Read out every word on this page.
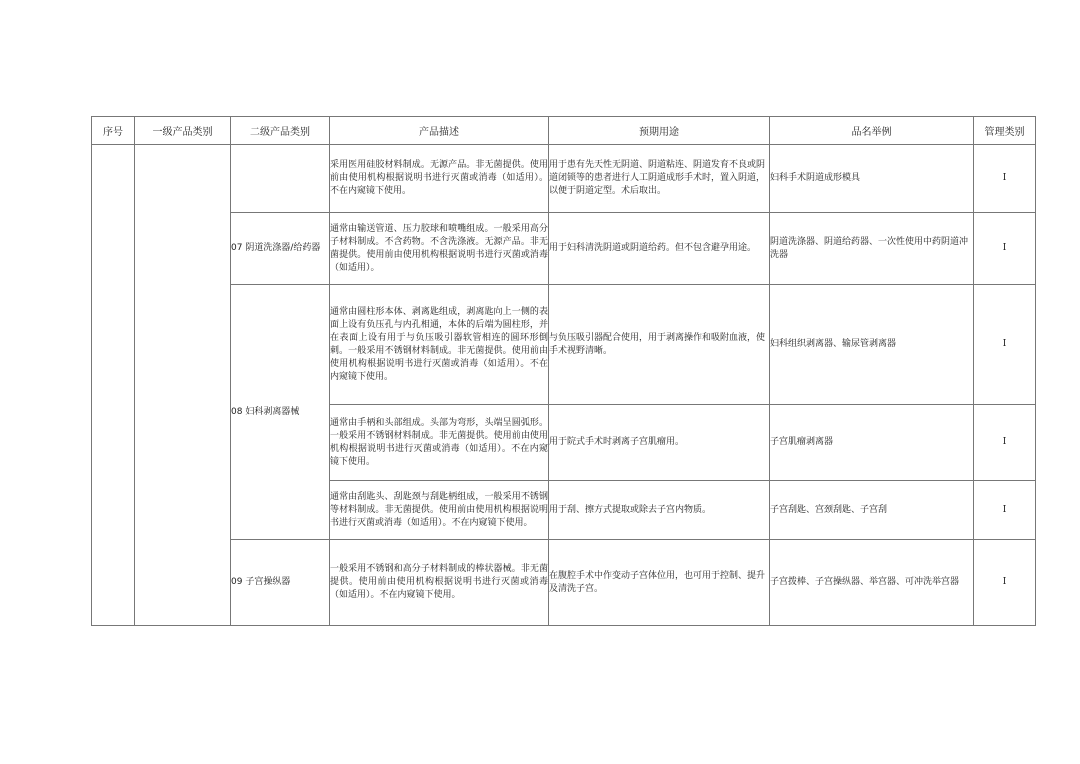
序号	一级产品类别	二级产品类别	产品描述	预期用途	品名举例	管理类别
			采用医用硅胶材料制成。无源产品。非无菌提供。使用前由使用机构根据说明书进行灭菌或消毒（如适用）。不在内窥镜下使用。	用于患有先天性无阴道、阴道粘连、阴道发育不良或阴道闭锁等的患者进行人工阴道成形手术时，置入阴道，以便于阴道定型。术后取出。	妇科手术阴道成形模具	I
		07 阴道洗涤器/给药器	通常由输送管道、压力胶球和喷嘴组成。一般采用高分子材料制成。不含药物。不含洗涤液。无源产品。非无菌提供。使用前由使用机构根据说明书进行灭菌或消毒（如适用）。	用于妇科清洗阴道或阴道给药。但不包含避孕用途。	阴道洗涤器、阴道给药器、一次性使用中药阴道冲洗器	I
		08 妇科剥离器械	通常由圆柱形本体、剥离匙组成，剥离匙向上一侧的表面上设有负压孔与内孔相通，本体的后端为圆柱形，并在表面上设有用于与负压吸引器软管相连的圆环形倒刺。一般采用不锈钢材料制成。非无菌提供。使用前由使用机构根据说明书进行灭菌或消毒（如适用）。不在内窥镜下使用。	与负压吸引器配合使用，用于剥离操作和吸附血液，使手术视野清晰。	妇科组织剥离器、输尿管剥离器	I
			通常由手柄和头部组成。头部为弯形，头端呈圆弧形。一般采用不锈钢材料制成。非无菌提供。使用前由使用机构根据说明书进行灭菌或消毒（如适用）。不在内窥镜下使用。	用于院式手术时剥离子宫肌瘤用。	子宫肌瘤剥离器	I
			通常由刮匙头、刮匙颈与刮匙柄组成，一般采用不锈钢等材料制成。非无菌提供。使用前由使用机构根据说明书进行灭菌或消毒（如适用）。不在内窥镜下使用。	用于刮、擦方式提取或除去子宫内物质。	子宫刮匙、宫颈刮匙、子宫刮	I
		09 子宫操纵器	一般采用不锈钢和高分子材料制成的棒状器械。非无菌提供。使用前由使用机构根据说明书进行灭菌或消毒（如适用）。不在内窥镜下使用。	在腹腔手术中作变动子宫体位用，也可用于控制、提升及清洗子宫。	子宫拨棒、子宫操纵器、举宫器、可冲洗举宫器	I
